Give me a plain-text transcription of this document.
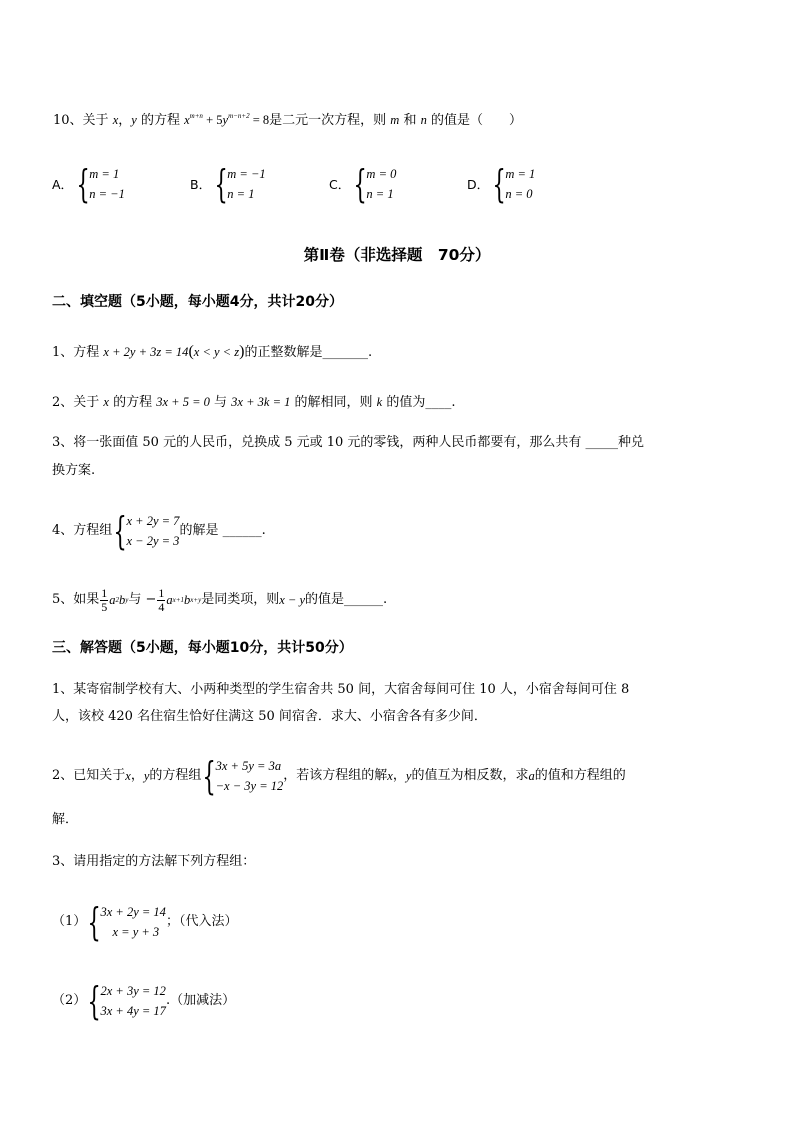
10、关于 x，y 的方程 $x^{m+n} + 5y^{m-n+2} = 8$是二元一次方程，则 m 和 n 的值是（　　）
A． { m = 1
n = −1
B． { m = −1
n = 1
C． { m = 0
n = 1
D． { m = 1
n = 0
第Ⅱ卷（非选择题　70分）
二、填空题（5小题，每小题4分，共计20分）
1、方程 x + 2y + 3z = 14(x < y < z)的正整数解是_______.
2、关于 x 的方程 3x + 5 = 0 与 3x + 3k = 1 的解相同，则 k 的值为____.
3、将一张面值 50 元的人民币，兑换成 5 元或 10 元的零钱，两种人民币都要有，那么共有 _____种兑
换方案.
4、方程组 { x + 2y = 7
x − 2y = 3
的解是 ______.
5、如果 $\frac{1}{5}$ a 2 b y 与 − $\frac{1}{4}$ a x+1 b x+y 是同类项，则 x − y 的值是______.
三、解答题（5小题，每小题10分，共计50分）
1、某寄宿制学校有大、小两种类型的学生宿舍共 50 间，大宿舍每间可住 10 人，小宿舍每间可住 8
人，该校 420 名住宿生恰好住满这 50 间宿舍．求大、小宿舍各有多少间．
2、已知关于 x ， y 的方程组 { 3x + 5y = 3a
−x − 3y = 12
，若该方程组的解 x ， y 的值互为相反数，求 a 的值和方程组的
解．
3、请用指定的方法解下列方程组：
（1） { 3x + 2y = 14
x = y + 3
；（代入法）
（2） { 2x + 3y = 12
3x + 4y = 17
.（加减法）
